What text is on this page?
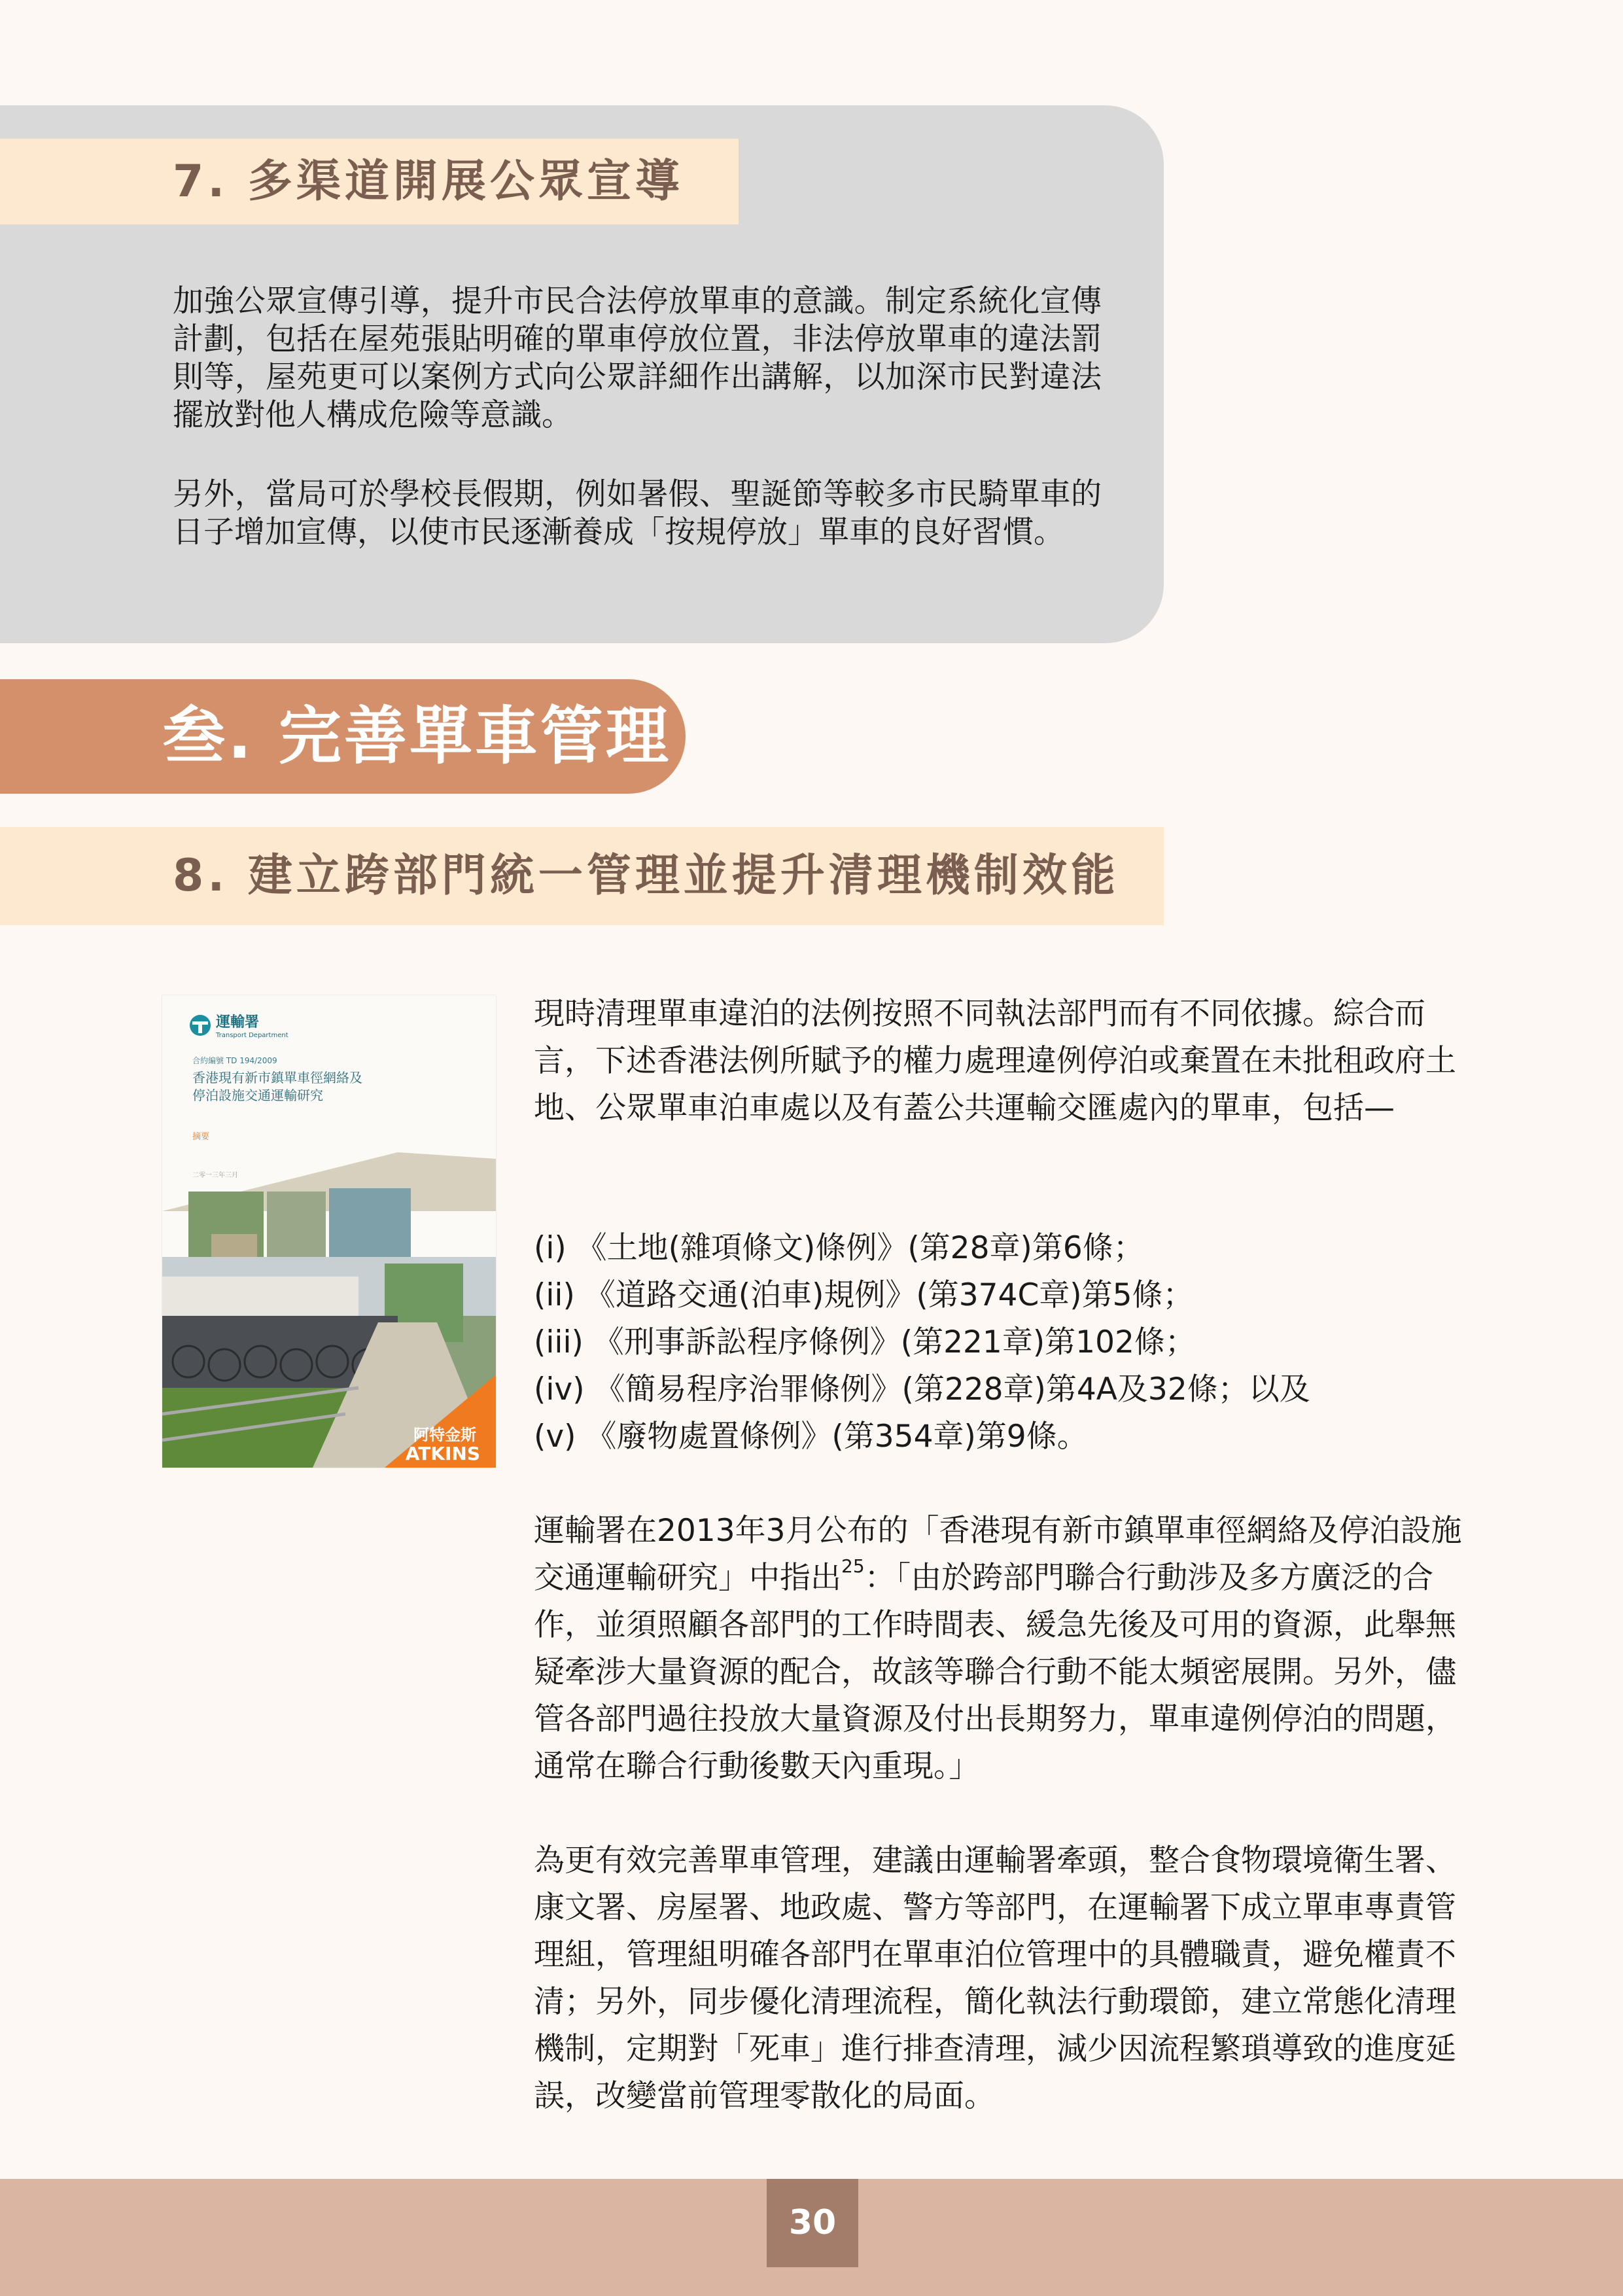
7. 多渠道開展公眾宣導

加強公眾宣傳引導，提升市民合法停放單車的意識。制定系統化宣傳計劃，包括在屋苑張貼明確的單車停放位置，非法停放單車的違法罰則等，屋苑更可以案例方式向公眾詳細作出講解，以加深市民對違法擺放對他人構成危險等意識。

另外，當局可於學校長假期，例如暑假、聖誕節等較多市民騎單車的日子增加宣傳，以使市民逐漸養成「按規停放」單車的良好習慣。

叁. 完善單車管理
8. 建立跨部門統一管理並提升清理機制效能
運輸署
Transport Department
合約編號 TD 194/2009
香港現有新市鎮單車徑網絡及
停泊設施交通運輸研究
摘要
二零一三年三月
阿特金斯
ATKINS

現時清理單車違泊的法例按照不同執法部門而有不同依據。綜合而言，下述香港法例所賦予的權力處理違例停泊或棄置在未批租政府土地、公眾單車泊車處以及有蓋公共運輸交匯處內的單車，包括—

(i) 《土地(雜項條文)條例》(第28章)第6條；
(ii) 《道路交通(泊車)規例》(第374C章)第5條；
(iii) 《刑事訴訟程序條例》(第221章)第102條；
(iv) 《簡易程序治罪條例》(第228章)第4A及32條；以及
(v) 《廢物處置條例》(第354章)第9條。

運輸署在2013年3月公布的「香港現有新市鎮單車徑網絡及停泊設施交通運輸研究」中指出$^{25}$：「由於跨部門聯合行動涉及多方廣泛的合作，並須照顧各部門的工作時間表、緩急先後及可用的資源，此舉無疑牽涉大量資源的配合，故該等聯合行動不能太頻密展開。另外，儘管各部門過往投放大量資源及付出長期努力，單車違例停泊的問題，通常在聯合行動後數天內重現。」

為更有效完善單車管理，建議由運輸署牽頭，整合食物環境衛生署、康文署、房屋署、地政處、警方等部門，在運輸署下成立單車專責管理組，管理組明確各部門在單車泊位管理中的具體職責，避免權責不清；另外，同步優化清理流程，簡化執法行動環節，建立常態化清理機制，定期對「死車」進行排查清理，減少因流程繁瑣導致的進度延誤，改變當前管理零散化的局面。

30
